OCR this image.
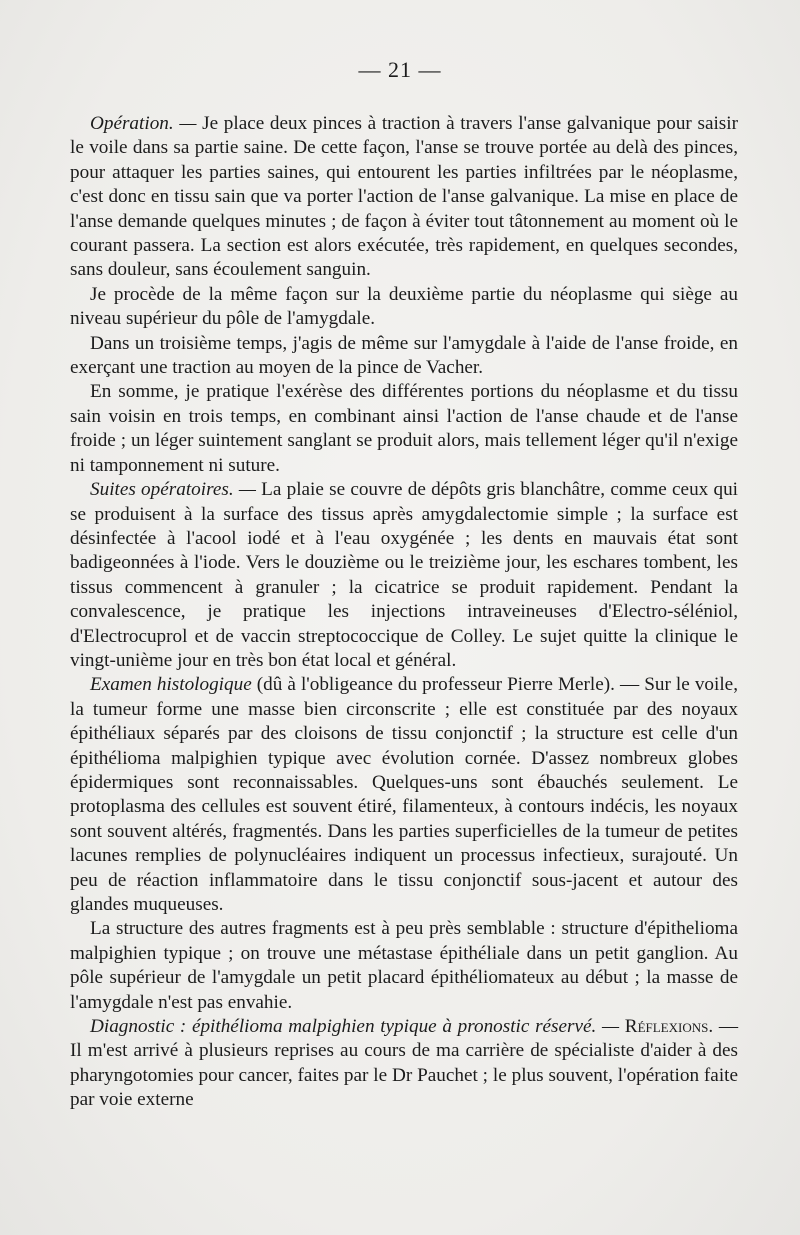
— 21 —

Opération. — Je place deux pinces à traction à travers l'anse galvanique pour saisir le voile dans sa partie saine. De cette façon, l'anse se trouve portée au delà des pinces, pour attaquer les parties saines, qui entourent les parties infiltrées par le néoplasme, c'est donc en tissu sain que va porter l'action de l'anse galvanique. La mise en place de l'anse demande quelques minutes ; de façon à éviter tout tâtonnement au moment où le courant passera. La section est alors exécutée, très rapidement, en quelques secondes, sans douleur, sans écoulement sanguin.

Je procède de la même façon sur la deuxième partie du néoplasme qui siège au niveau supérieur du pôle de l'amygdale.

Dans un troisième temps, j'agis de même sur l'amygdale à l'aide de l'anse froide, en exerçant une traction au moyen de la pince de Vacher.

En somme, je pratique l'exérèse des différentes portions du néoplasme et du tissu sain voisin en trois temps, en combinant ainsi l'action de l'anse chaude et de l'anse froide ; un léger suintement sanglant se produit alors, mais tellement léger qu'il n'exige ni tamponnement ni suture.

Suites opératoires. — La plaie se couvre de dépôts gris blanchâtre, comme ceux qui se produisent à la surface des tissus après amygdalectomie simple ; la surface est désinfectée à l'acool iodé et à l'eau oxygénée ; les dents en mauvais état sont badigeonnées à l'iode. Vers le douzième ou le treizième jour, les eschares tombent, les tissus commencent à granuler ; la cicatrice se produit rapidement. Pendant la convalescence, je pratique les injections intraveineuses d'Electro-séléniol, d'Electrocuprol et de vaccin streptococcique de Colley. Le sujet quitte la clinique le vingt-unième jour en très bon état local et général.

Examen histologique (dû à l'obligeance du professeur Pierre Merle). — Sur le voile, la tumeur forme une masse bien circonscrite ; elle est constituée par des noyaux épithéliaux séparés par des cloisons de tissu conjonctif ; la structure est celle d'un épithélioma malpighien typique avec évolution cornée. D'assez nombreux globes épidermiques sont reconnaissables. Quelques-uns sont ébauchés seulement. Le protoplasma des cellules est souvent étiré, filamenteux, à contours indécis, les noyaux sont souvent altérés, fragmentés. Dans les parties superficielles de la tumeur de petites lacunes remplies de polynucléaires indiquent un processus infectieux, surajouté. Un peu de réaction inflammatoire dans le tissu conjonctif sous-jacent et autour des glandes muqueuses.

La structure des autres fragments est à peu près semblable : structure d'épithelioma malpighien typique ; on trouve une métastase épithéliale dans un petit ganglion. Au pôle supérieur de l'amygdale un petit placard épithéliomateux au début ; la masse de l'amygdale n'est pas envahie.

Diagnostic : épithélioma malpighien typique à pronostic réservé. — Réflexions. — Il m'est arrivé à plusieurs reprises au cours de ma carrière de spécialiste d'aider à des pharyngotomies pour cancer, faites par le Dr Pauchet ; le plus souvent, l'opération faite par voie externe
